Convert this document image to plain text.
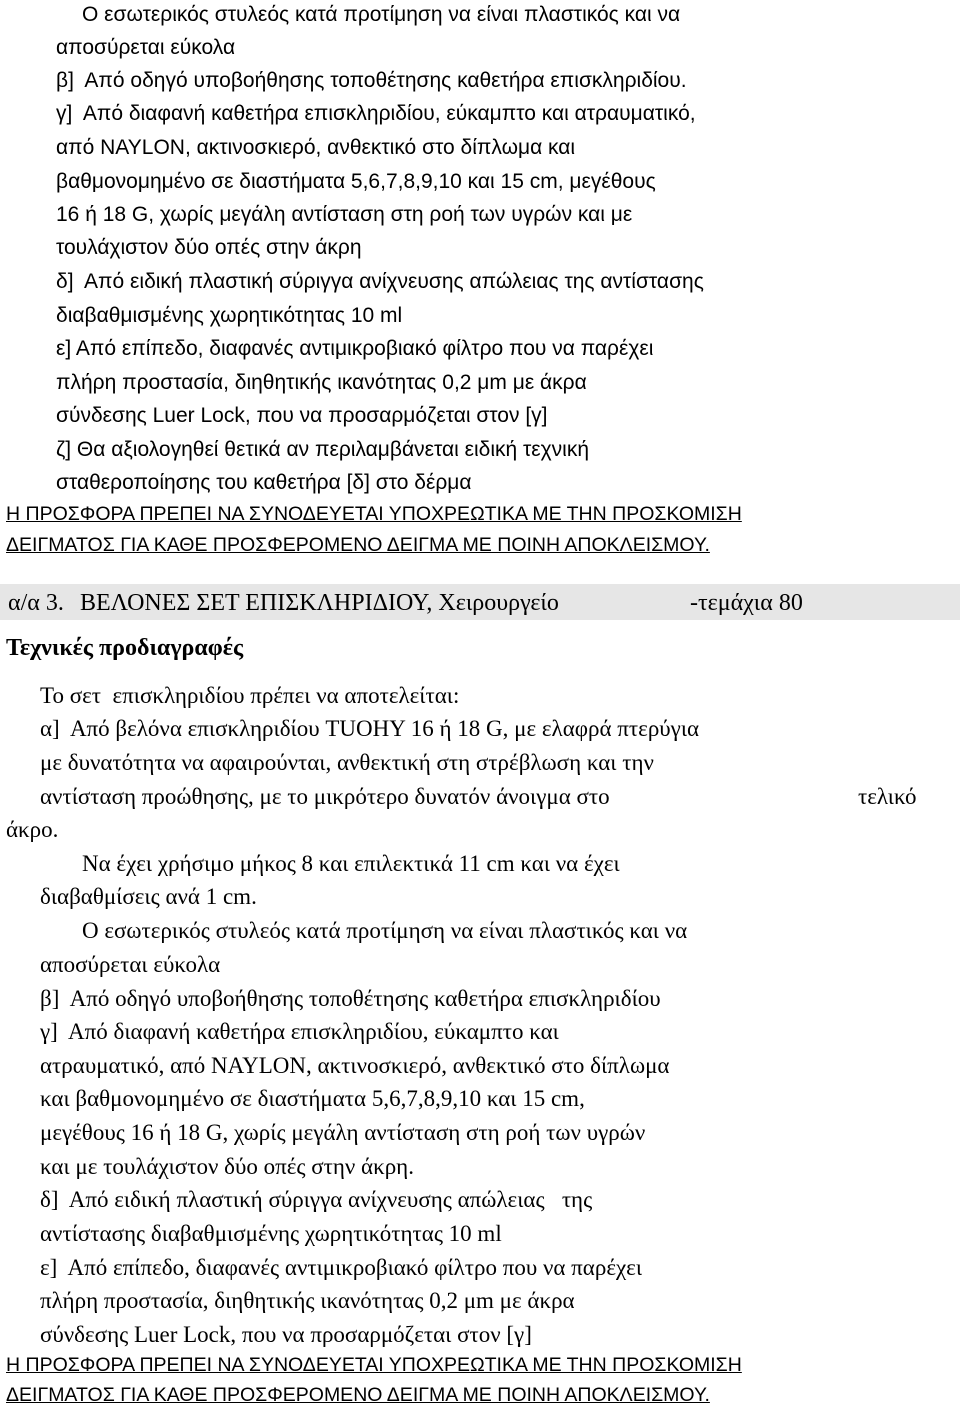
Ο εσωτερικός στυλεός κατά προτίμηση να είναι πλαστικός και να
αποσύρεται εύκολα
β]  Από οδηγό υποβοήθησης τοποθέτησης καθετήρα επισκληριδίου.
γ]  Από διαφανή καθετήρα επισκληριδίου, εύκαμπτο και ατραυματικό,
από NAYLON, ακτινοσκιερό, ανθεκτικό στο δίπλωμα και
βαθμονομημένο σε διαστήματα 5,6,7,8,9,10 και 15 cm, μεγέθους
16 ή 18 G, χωρίς μεγάλη αντίσταση στη ροή των υγρών και με
τουλάχιστον δύο οπές στην άκρη
δ]  Από ειδική πλαστική σύριγγα ανίχνευσης απώλειας της αντίστασης
διαβαθμισμένης χωρητικότητας 10 ml
ε] Από επίπεδο, διαφανές αντιμικροβιακό φίλτρο που να παρέχει
πλήρη προστασία, διηθητικής ικανότητας 0,2 μm με άκρα
σύνδεσης Luer Lock, που να προσαρμόζεται στον [γ]
ζ] Θα αξιολογηθεί θετικά αν περιλαμβάνεται ειδική τεχνική
σταθεροποίησης του καθετήρα [δ] στο δέρμα
Η ΠΡΟΣΦΟΡΑ ΠΡΕΠΕΙ ΝΑ ΣΥΝΟΔΕΥΕΤΑΙ ΥΠΟΧΡΕΩΤΙΚΑ ΜΕ ΤΗΝ ΠΡΟΣΚΟΜΙΣΗ
ΔΕΙΓΜΑΤΟΣ ΓΙΑ ΚΑΘΕ ΠΡΟΣΦΕΡΟΜΕΝΟ ΔΕΙΓΜΑ ΜΕ ΠΟΙΝΗ ΑΠΟΚΛΕΙΣΜΟΥ.
α/α 3. ΒΕΛΟΝΕΣ ΣΕΤ ΕΠΙΣΚΛΗΡΙΔΙΟΥ, Χειρουργείο	-τεμάχια 80
Τεχνικές προδιαγραφές
Το σετ  επισκληριδίου πρέπει να αποτελείται:
α]  Από βελόνα επισκληριδίου TUOHY 16 ή 18 G, με ελαφρά πτερύγια
με δυνατότητα να αφαιρούνται, ανθεκτική στη στρέβλωση και την
αντίσταση προώθησης, με το μικρότερο δυνατόν άνοιγμα στο	τελικό
άκρο.
Να έχει χρήσιμο μήκος 8 και επιλεκτικά 11 cm και να έχει
διαβαθμίσεις ανά 1 cm.
Ο εσωτερικός στυλεός κατά προτίμηση να είναι πλαστικός και να
αποσύρεται εύκολα
β]  Από οδηγό υποβοήθησης τοποθέτησης καθετήρα επισκληριδίου
γ]  Από διαφανή καθετήρα επισκληριδίου, εύκαμπτο και
ατραυματικό, από NAYLON, ακτινοσκιερό, ανθεκτικό στο δίπλωμα
και βαθμονομημένο σε διαστήματα 5,6,7,8,9,10 και 15 cm,
μεγέθους 16 ή 18 G, χωρίς μεγάλη αντίσταση στη ροή των υγρών
και με τουλάχιστον δύο οπές στην άκρη.
δ]  Από ειδική πλαστική σύριγγα ανίχνευσης απώλειας   της
αντίστασης διαβαθμισμένης χωρητικότητας 10 ml
ε]  Από επίπεδο, διαφανές αντιμικροβιακό φίλτρο που να παρέχει
πλήρη προστασία, διηθητικής ικανότητας 0,2 μm με άκρα
σύνδεσης Luer Lock, που να προσαρμόζεται στον [γ]
Η ΠΡΟΣΦΟΡΑ ΠΡΕΠΕΙ ΝΑ ΣΥΝΟΔΕΥΕΤΑΙ ΥΠΟΧΡΕΩΤΙΚΑ ΜΕ ΤΗΝ ΠΡΟΣΚΟΜΙΣΗ
ΔΕΙΓΜΑΤΟΣ ΓΙΑ ΚΑΘΕ ΠΡΟΣΦΕΡΟΜΕΝΟ ΔΕΙΓΜΑ ΜΕ ΠΟΙΝΗ ΑΠΟΚΛΕΙΣΜΟΥ.
